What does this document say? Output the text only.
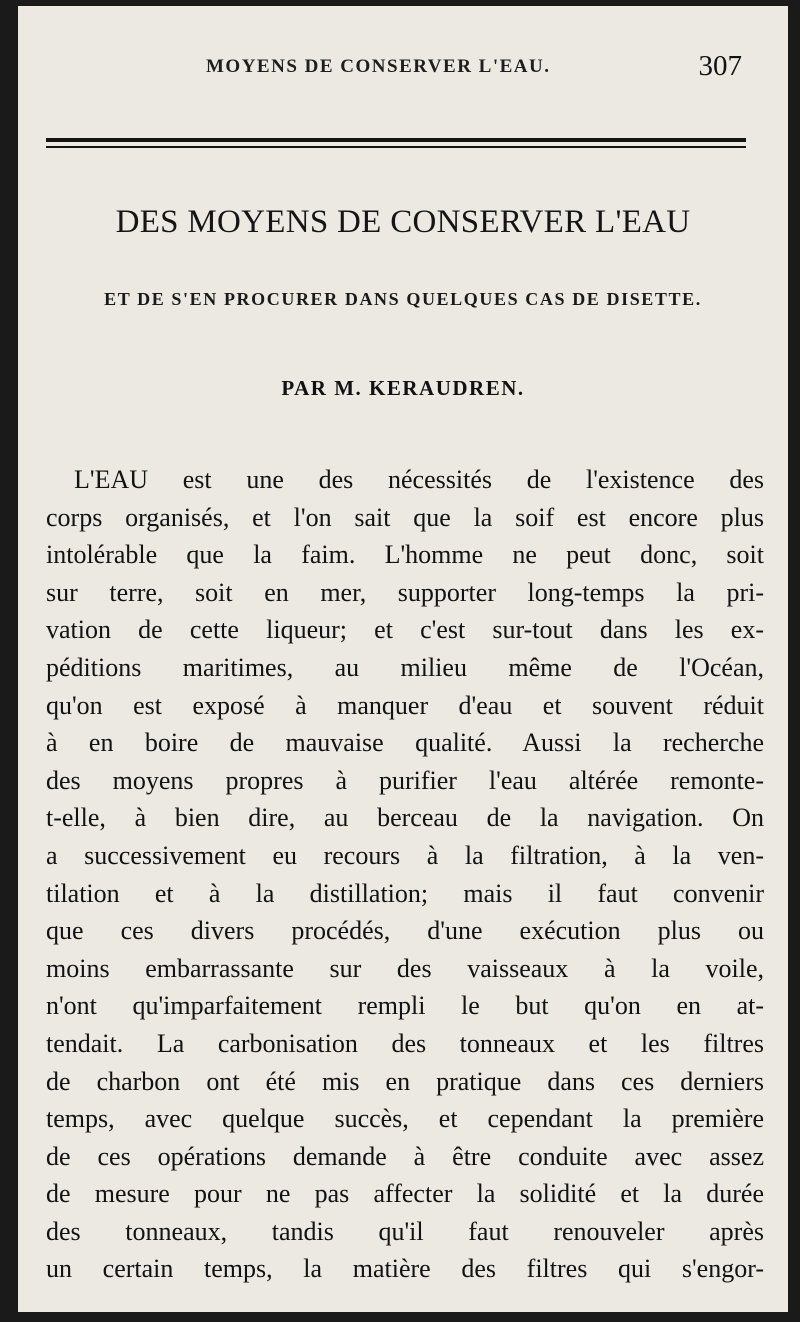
MOYENS DE CONSERVER L'EAU.	307
DES MOYENS DE CONSERVER L'EAU
ET DE S'EN PROCURER DANS QUELQUES CAS DE DISETTE.
PAR M. KERAUDREN.
L'EAU est une des nécessités de l'existence des
corps organisés, et l'on sait que la soif est encore plus
intolérable que la faim. L'homme ne peut donc, soit
sur terre, soit en mer, supporter long-temps la pri-
vation de cette liqueur; et c'est sur-tout dans les ex-
péditions maritimes, au milieu même de l'Océan,
qu'on est exposé à manquer d'eau et souvent réduit
à en boire de mauvaise qualité. Aussi la recherche
des moyens propres à purifier l'eau altérée remonte-
t-elle, à bien dire, au berceau de la navigation. On
a successivement eu recours à la filtration, à la ven-
tilation et à la distillation; mais il faut convenir
que ces divers procédés, d'une exécution plus ou
moins embarrassante sur des vaisseaux à la voile,
n'ont qu'imparfaitement rempli le but qu'on en at-
tendait. La carbonisation des tonneaux et les filtres
de charbon ont été mis en pratique dans ces derniers
temps, avec quelque succès, et cependant la première
de ces opérations demande à être conduite avec assez
de mesure pour ne pas affecter la solidité et la durée
des tonneaux, tandis qu'il faut renouveler après
un certain temps, la matière des filtres qui s'engor-
